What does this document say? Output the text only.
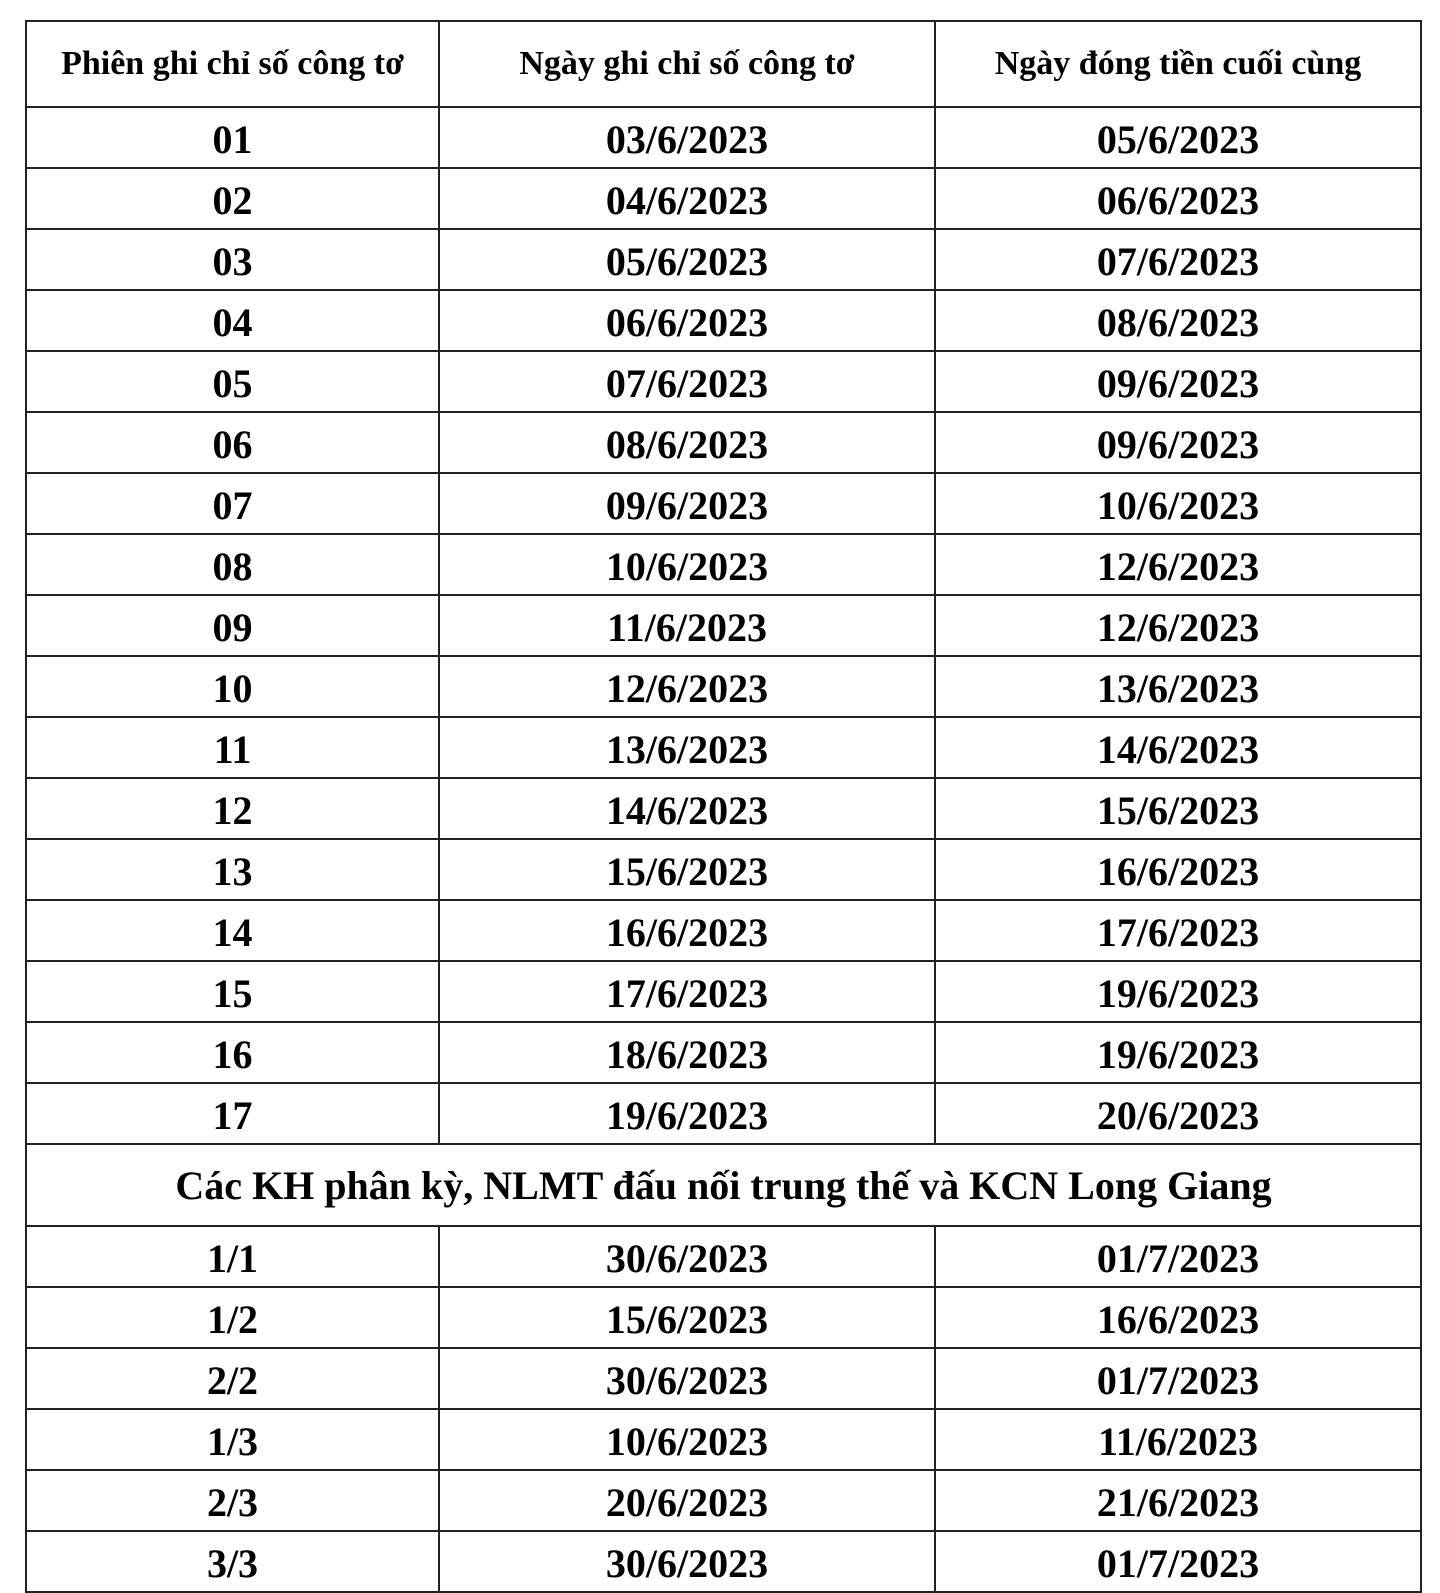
Phiên ghi chỉ số công tơ	Ngày ghi chỉ số công tơ	Ngày đóng tiền cuối cùng
01	03/6/2023	05/6/2023
02	04/6/2023	06/6/2023
03	05/6/2023	07/6/2023
04	06/6/2023	08/6/2023
05	07/6/2023	09/6/2023
06	08/6/2023	09/6/2023
07	09/6/2023	10/6/2023
08	10/6/2023	12/6/2023
09	11/6/2023	12/6/2023
10	12/6/2023	13/6/2023
11	13/6/2023	14/6/2023
12	14/6/2023	15/6/2023
13	15/6/2023	16/6/2023
14	16/6/2023	17/6/2023
15	17/6/2023	19/6/2023
16	18/6/2023	19/6/2023
17	19/6/2023	20/6/2023
Các KH phân kỳ, NLMT đấu nối trung thế và KCN Long Giang		
1/1	30/6/2023	01/7/2023
1/2	15/6/2023	16/6/2023
2/2	30/6/2023	01/7/2023
1/3	10/6/2023	11/6/2023
2/3	20/6/2023	21/6/2023
3/3	30/6/2023	01/7/2023
